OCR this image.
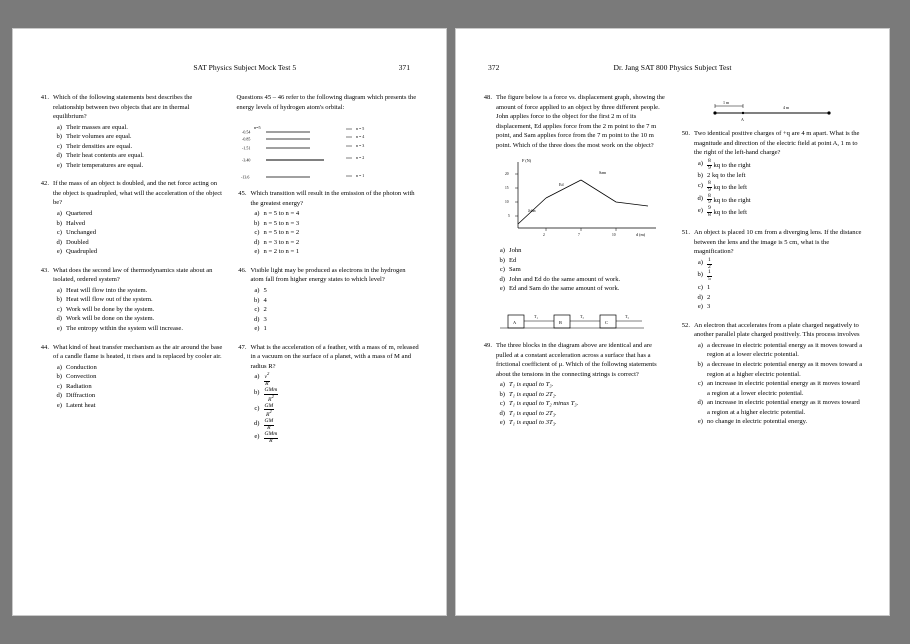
SAT Physics Subject Mock Test 5	371
41. Which of the following statements best describes the relationship between two objects that are in thermal equilibrium?
a) Their masses are equal.
b) Their volumes are equal.
c) Their densities are equal.
d) Their heat contents are equal.
e) Their temperatures are equal.
42. If the mass of an object is doubled, and the net force acting on the object is quadrupled, what will the acceleration of the object be?
a) Quartered
b) Halved
c) Unchanged
d) Doubled
e) Quadrupled
43. What does the second law of thermodynamics state about an isolated, ordered system?
a) Heat will flow into the system.
b) Heat will flow out of the system.
c) Work will be done by the system.
d) Work will be done on the system.
e) The entropy within the system will increase.
44. What kind of heat transfer mechanism as the air around the base of a candle flame is heated, it rises and is replaced by cooler air.
a) Conduction
b) Convection
c) Radiation
d) Diffraction
e) Latent heat
Questions 45 – 46 refer to the following diagram which presents the energy levels of hydrogen atom's orbital:
n=5
-0.54
-0.85
-1.51
-3.40
-13.6
n = 5
n = 4
n = 3
n = 2
n = 1
45. Which transition will result in the emission of the photon with the greatest energy?
a) n = 5 to n = 4
b) n = 5 to n = 3
c) n = 5 to n = 2
d) n = 3 to n = 2
e) n = 2 to n = 1
46. Visible light may be produced as electrons in the hydrogen atom fall from higher energy states to which level?
a) 5
b) 4
c) 2
d) 3
e) 1
47. What is the acceleration of a feather, with a mass of m, released in a vacuum on the surface of a planet, with a mass of M and radius R?
$a) \frac{v^2}{R}$
$b) \frac{\text{GMm}}{R^2}$
$c) \frac{GM}{R^2}$
$d) \frac{GM}{R}$
$e) \frac{\text{GMm}}{R}$
372	Dr. Jang SAT 800 Physics Subject Test
48. The figure below is a force vs. displacement graph, showing the amount of force applied to an object by three different people. John applies force to the object for the first 2 m of its displacement, Ed applies force from the 2 m point to the 7 m point, and Sam applies force from the 7 m point to the 10 m point. Which of the three does the most work on the object?
F (N)
d (m)
20
15
10
5
2	7	10
John
Ed
Sam
a) John
b) Ed
c) Sam
d) John and Ed do the same amount of work.
e) Ed and Sam do the same amount of work.
A	B	C
T₁	T₂	T₃
49. The three blocks in the diagram above are identical and are pulled at a constant acceleration across a surface that has a frictional coefficient of μ. Which of the following statements about the tensions in the connecting strings is correct?
a) T₁ is equal to T₃.
b) T₁ is equal to 2T₂.
c) T₁ is equal to T₂ minus T₃.
d) T₁ is equal to 2T₃.
e) T₁ is equal to 3T₃.
1 m
A
4 m
50. Two identical positive charges of +q are 4 m apart. What is the magnitude and direction of the electric field at point A, 1 m to the right of the left-hand charge?
$a) \frac{8}{9}$ kq to the right
b) 2 kq to the left
$c) \frac{8}{9}$ kq to the left
$d) \frac{8}{9}$ kq to the right
$e) \frac{9}{8}$ kq to the left
51. An object is placed 10 cm from a diverging lens. If the distance between the lens and the image is 5 cm, what is the magnification?
$a) \frac{1}{2}$
$b) \frac{1}{5}$
c) 1
d) 2
e) 3
52. An electron that accelerates from a plate charged negatively to another parallel plate charged positively. This process involves
a) a decrease in electric potential energy as it moves toward a region at a lower electric potential.
b) a decrease in electric potential energy as it moves toward a region at a higher electric potential.
c) an increase in electric potential energy as it moves toward a region at a lower electric potential.
d) an increase in electric potential energy as it moves toward a region at a higher electric potential.
e) no change in electric potential energy.
